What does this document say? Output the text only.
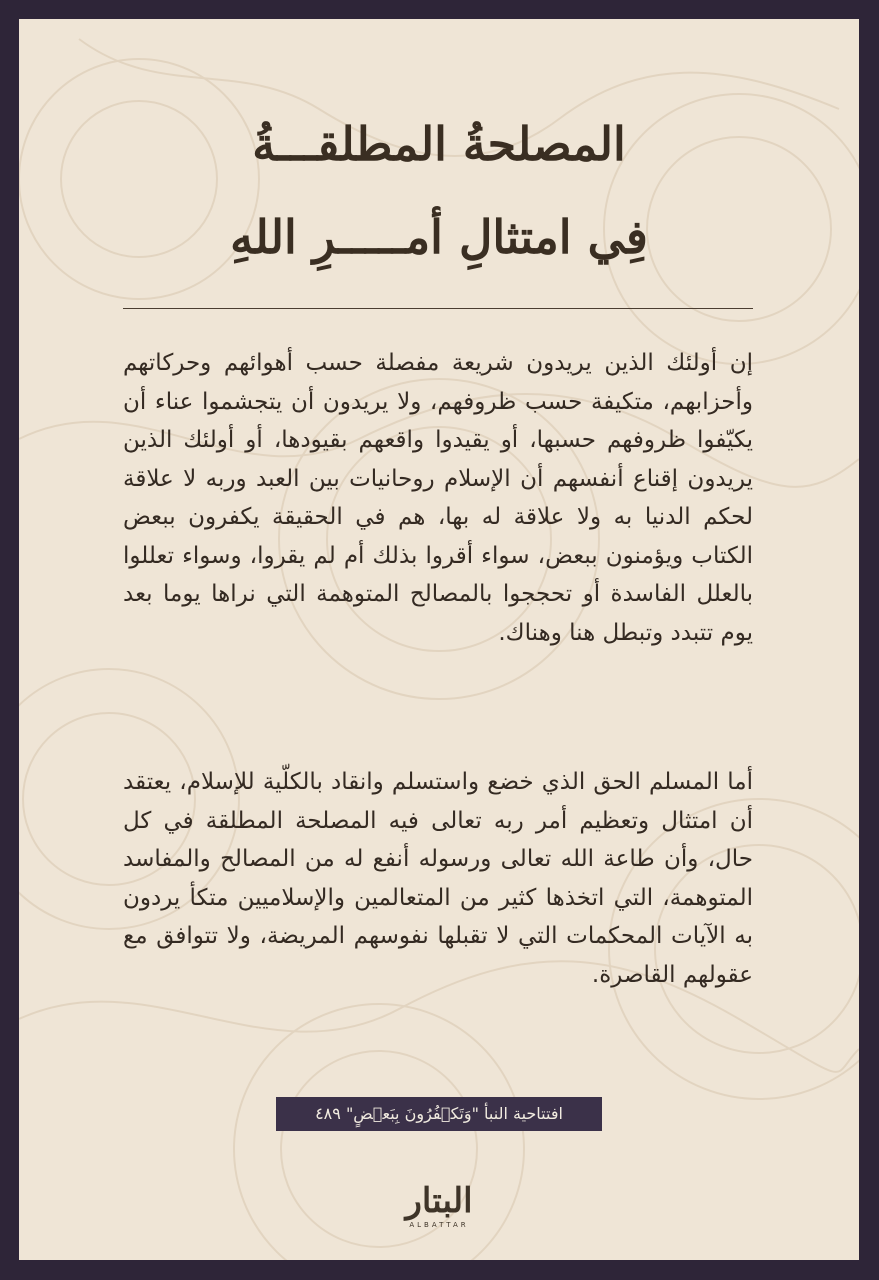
المصلحةُ المطلقـــةُ
فِي امتثالِ أمـــــرِ اللهِ

إن أولئك الذين يريدون شريعة مفصلة حسب أهوائهم وحركاتهم وأحزابهم، متكيفة حسب ظروفهم، ولا يريدون أن يتجشموا عناء أن يكيّفوا ظروفهم حسبها، أو يقيدوا واقعهم بقيودها، أو أولئك الذين يريدون إقناع أنفسهم أن الإسلام روحانيات بين العبد وربه لا علاقة لحكم الدنيا به ولا علاقة له بها، هم في الحقيقة يكفرون ببعض الكتاب ويؤمنون ببعض، سواء أقروا بذلك أم لم يقروا، وسواء تعللوا بالعلل الفاسدة أو تحججوا بالمصالح المتوهمة التي نراها يوما بعد يوم تتبدد وتبطل هنا وهناك.

أما المسلم الحق الذي خضع واستسلم وانقاد بالكلّية للإسلام، يعتقد أن امتثال وتعظيم أمر ربه تعالى فيه المصلحة المطلقة في كل حال، وأن طاعة الله تعالى ورسوله أنفع له من المصالح والمفاسد المتوهمة، التي اتخذها كثير من المتعالمين والإسلاميين متكأ يردون به الآيات المحكمات التي لا تقبلها نفوسهم المريضة، ولا تتوافق مع عقولهم القاصرة.

افتتاحية النبأ "وَتَكۡفُرُونَ بِبَعۡضٍ" ٤٨٩
البتار
ALBATTAR
